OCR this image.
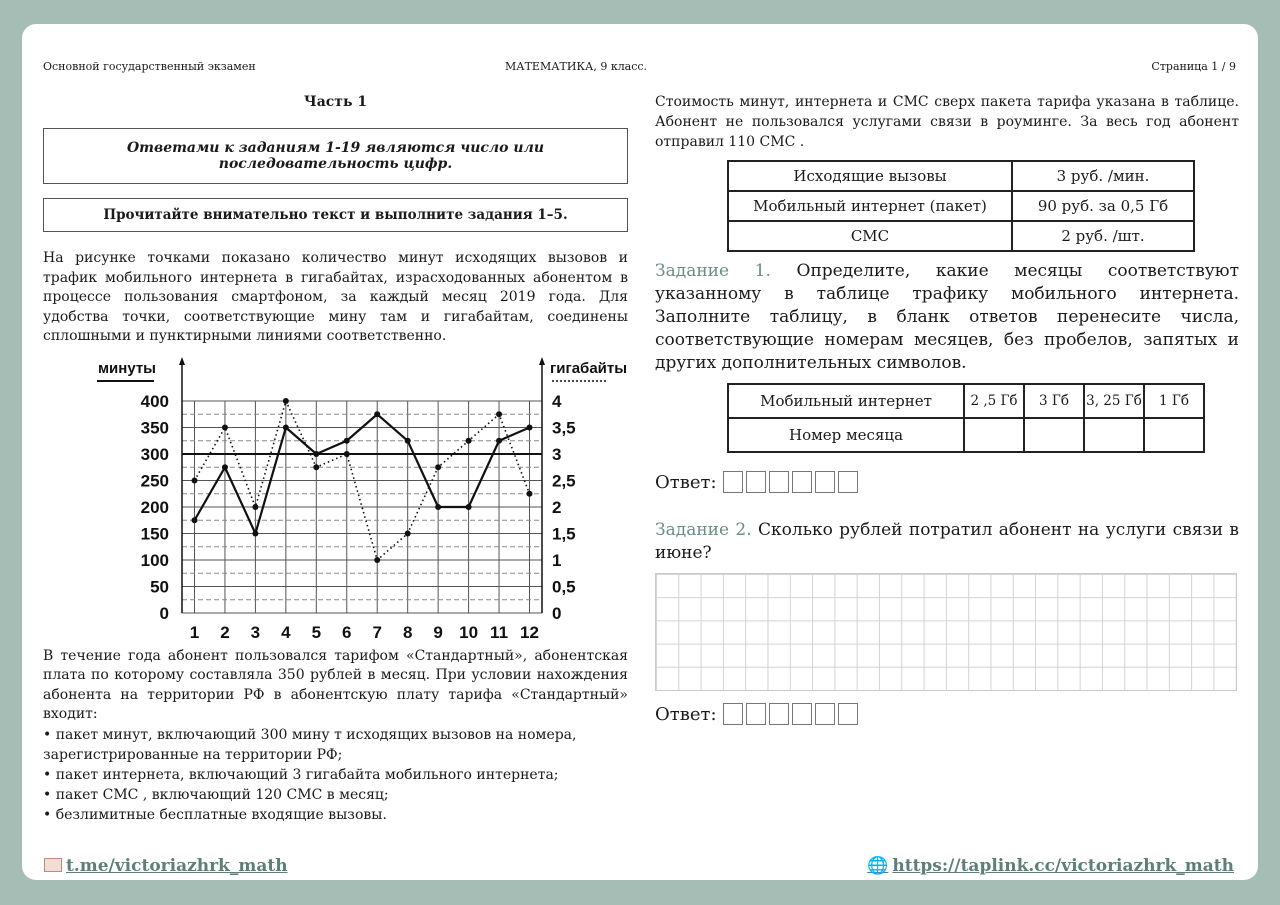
Основной государственный экзамен	МАТЕМАТИКА, 9 класс.	Страница 1 / 9
Часть 1
Ответами к заданиям 1-19 являются число или последовательность цифр.
Прочитайте внимательно текст и выполните задания 1–5.
На рисунке точками показано количество минут исходящих вызовов и трафик мобильного интернета в гигабайтах, израсходованных абонентом в процессе пользования смартфоном, за каждый месяц 2019 года. Для удобства точки, соответствующие мину там и гигабайтам, соединены сплошными и пунктирными линиями соответственно.
0
50
100
150
200
250
300
350
400
0
0,5
1
1,5
2
2,5
3
3,5
4
1 2 3 4 5 6 7 8 9 10 11 12
минуты	гигабайты
В течение года абонент пользовался тарифом «Стандартный», абонентская плата по которому составляла 350 рублей в месяц. При условии нахождения абонента на территории РФ в абонентскую плату тарифа «Стандартный» входит:
• пакет минут, включающий 300 мину т исходящих вызовов на номера, зарегистрированные на территории РФ;
• пакет интернета, включающий 3 гигабайта мобильного интернета;
• пакет СМС , включающий 120 СМС в месяц;
• безлимитные бесплатные входящие вызовы.
Стоимость минут, интернета и СМС сверх пакета тарифа указана в таблице. Абонент не пользовался услугами связи в роуминге. За весь год абонент отправил 110 СМС .
Исходящие вызовы	3 руб. /мин.
Мобильный интернет (пакет)	90 руб. за 0,5 Гб
СМС	2 руб. /шт.
Задание 1. Определите, какие месяцы соответствуют указанному в таблице трафику мобильного интернета. Заполните таблицу, в бланк ответов перенесите числа, соответствующие номерам месяцев, без пробелов, запятых и других дополнительных символов.
Мобильный интернет	2 ,5 Гб	3 Гб	3, 25 Гб	1 Гб
Номер месяца				
Ответ:
Задание 2. Сколько рублей потратил абонент на услуги связи в июне?
Ответ:
t.me/victoriazhrk_math	🌐 https://taplink.cc/victoriazhrk_math
